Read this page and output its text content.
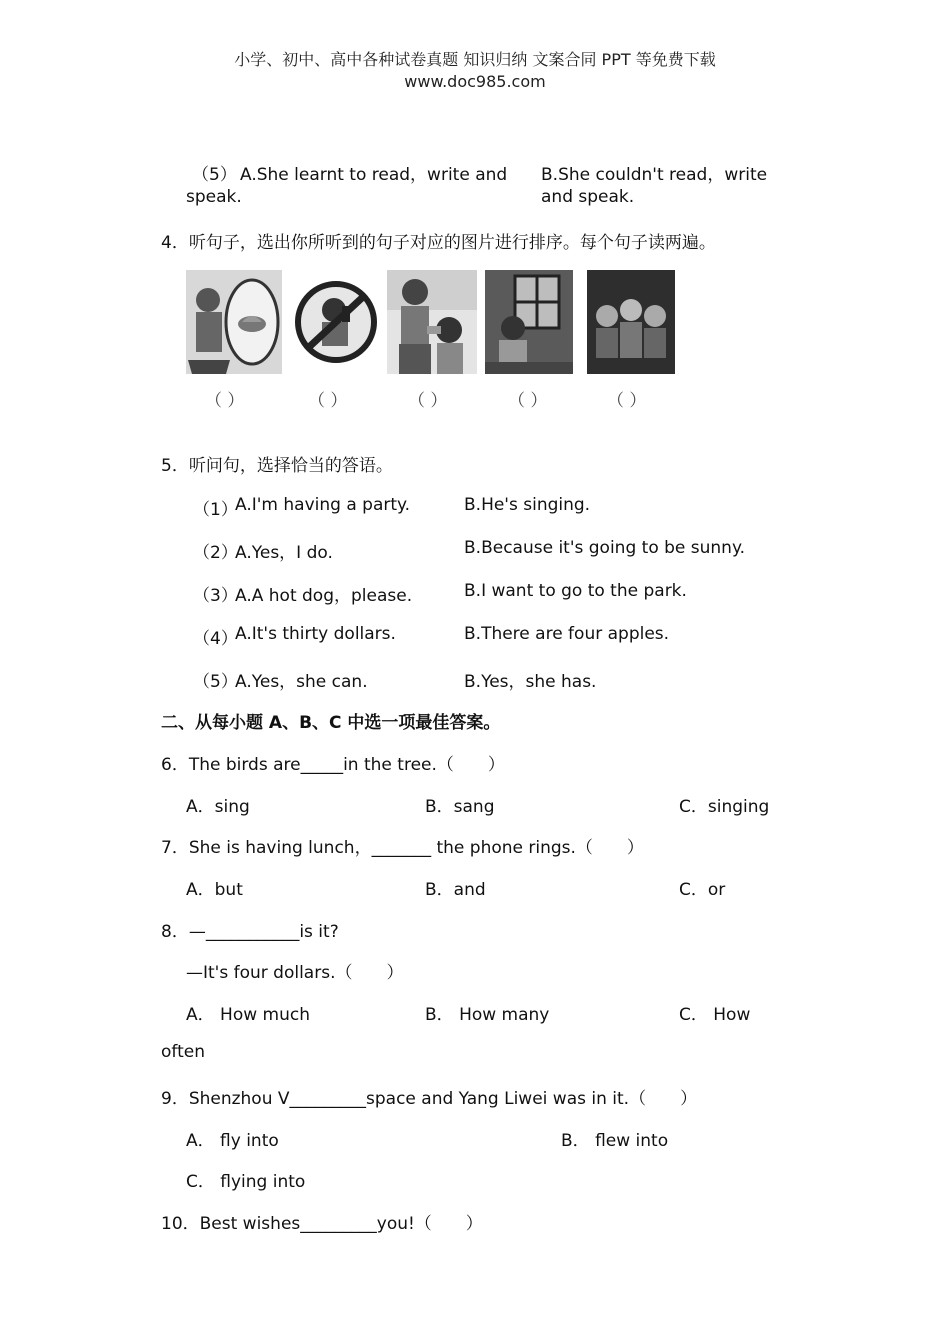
小学、初中、高中各种试卷真题 知识归纳 文案合同 PPT 等免费下载
www.doc985.com
（5） A.She learnt to read，write and
speak.
B.She couldn't read，write
and speak.
4．听句子，选出你所听到的句子对应的图片进行排序。每个句子读两遍。
（ ）	（ ）	（ ）	（ ）	（ ）
5．听问句，选择恰当的答语。
（1）
A.I'm having a party.	B.He's singing.
（2）
A.Yes，I do.	B.Because it's going to be sunny.
（3）
A.A hot dog，please.	B.I want to go to the park.
（4）
A.It's thirty dollars.	B.There are four apples.
（5）
A.Yes，she can.	B.Yes，she has.
二、从每小题 A、B、C 中选一项最佳答案。
6．The birds are_____in the tree.（　　）
A．sing	B．sang	C．singing
7．She is having lunch，_______ the phone rings.（　　）
A．but	B．and	C．or
8．—___________is it?
—It's four dollars.（　　）
A． How much	B． How many	C． How
often
9．Shenzhou V_________space and Yang Liwei was in it.（　　）
A． fly into	B． flew into
C． flying into
10．Best wishes_________you!（　　）
